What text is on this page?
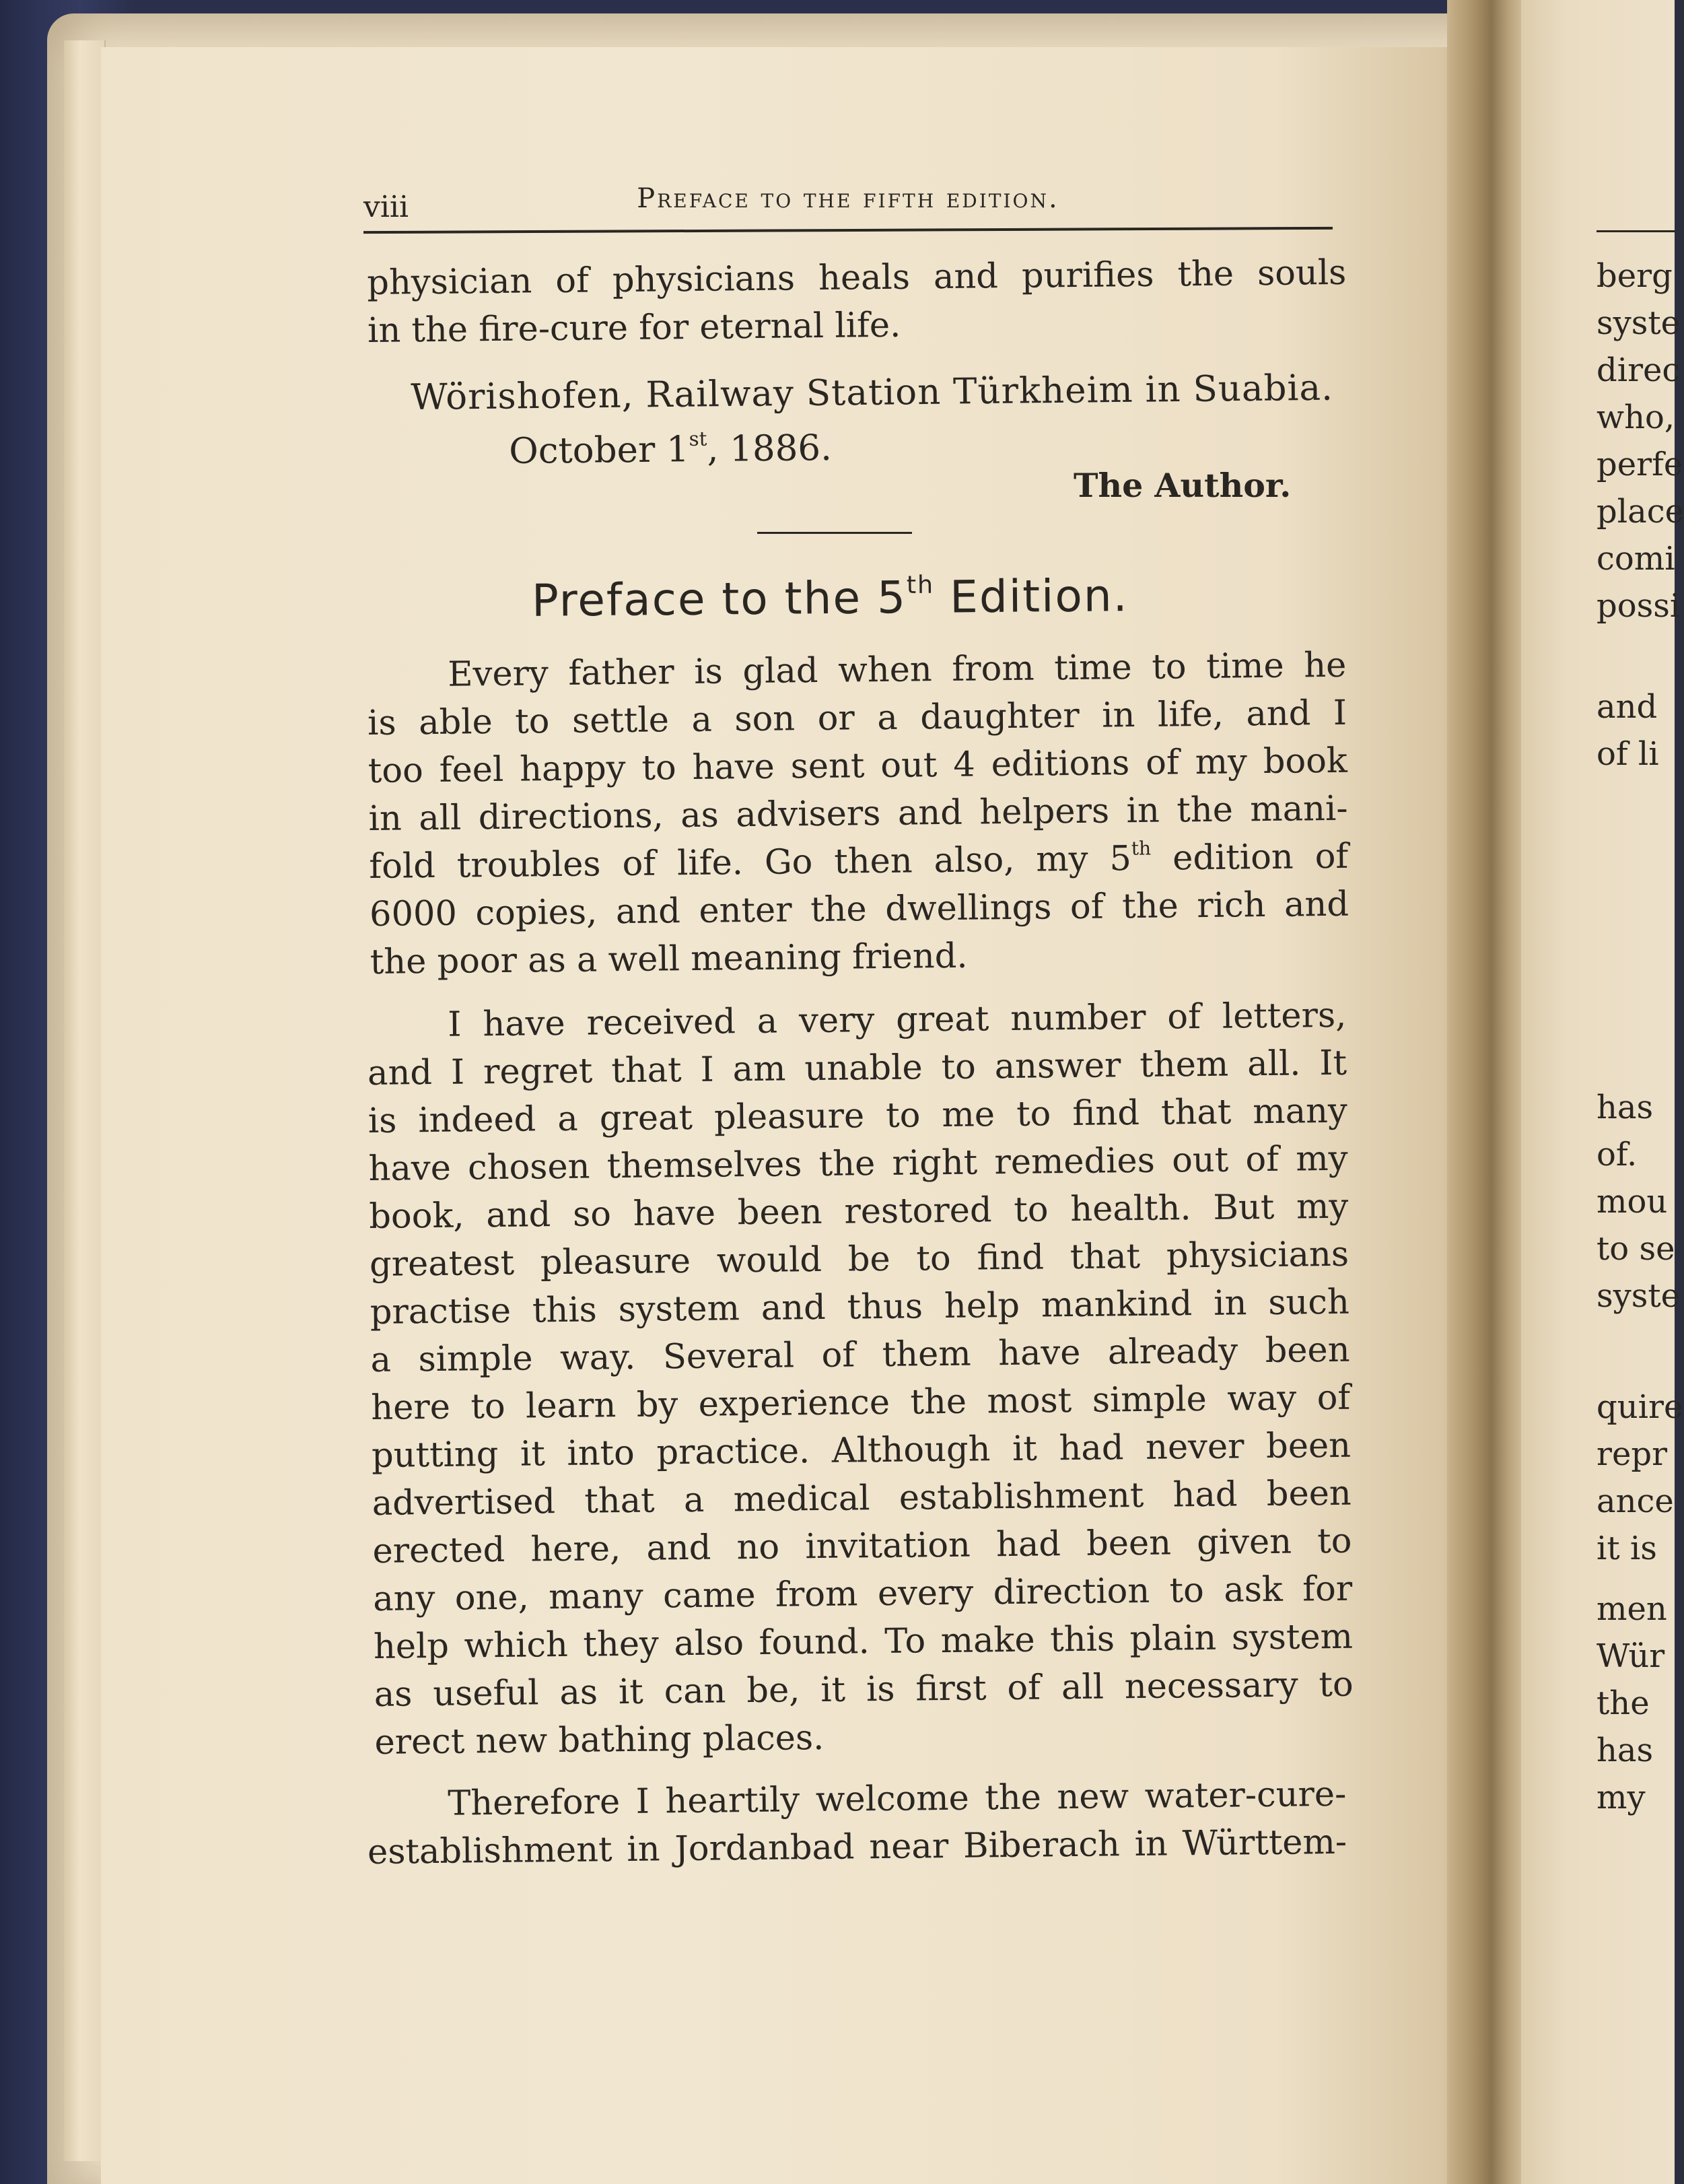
viii	Preface to the fifth edition.
physician of physicians heals and purifies the souls
in the fire-cure for eternal life.
Wörishofen, Railway Station Türkheim in Suabia.
October 1st, 1886.
The Author.
Preface to the 5th Edition.
Every father is glad when from time to time he
is able to settle a son or a daughter in life, and I
too feel happy to have sent out 4 editions of my book
in all directions, as advisers and helpers in the mani-
fold troubles of life. Go then also, my 5th edition of
6000 copies, and enter the dwellings of the rich and
the poor as a well meaning friend.
I have received a very great number of letters,
and I regret that I am unable to answer them all. It
is indeed a great pleasure to me to find that many
have chosen themselves the right remedies out of my
book, and so have been restored to health. But my
greatest pleasure would be to find that physicians
practise this system and thus help mankind in such
a simple way. Several of them have already been
here to learn by experience the most simple way of
putting it into practice. Although it had never been
advertised that a medical establishment had been
erected here, and no invitation had been given to
any one, many came from every direction to ask for
help which they also found. To make this plain system
as useful as it can be, it is first of all necessary to
erect new bathing places.
Therefore I heartily welcome the new water-cure-
establishment in Jordanbad near Biberach in Württem-
berg
syste
direc
who,
perfe
place
comi
possi
and
of li
has
of.
mou
to se
syste
quire
repr
ance
it is
men
Wür
the
has
my
